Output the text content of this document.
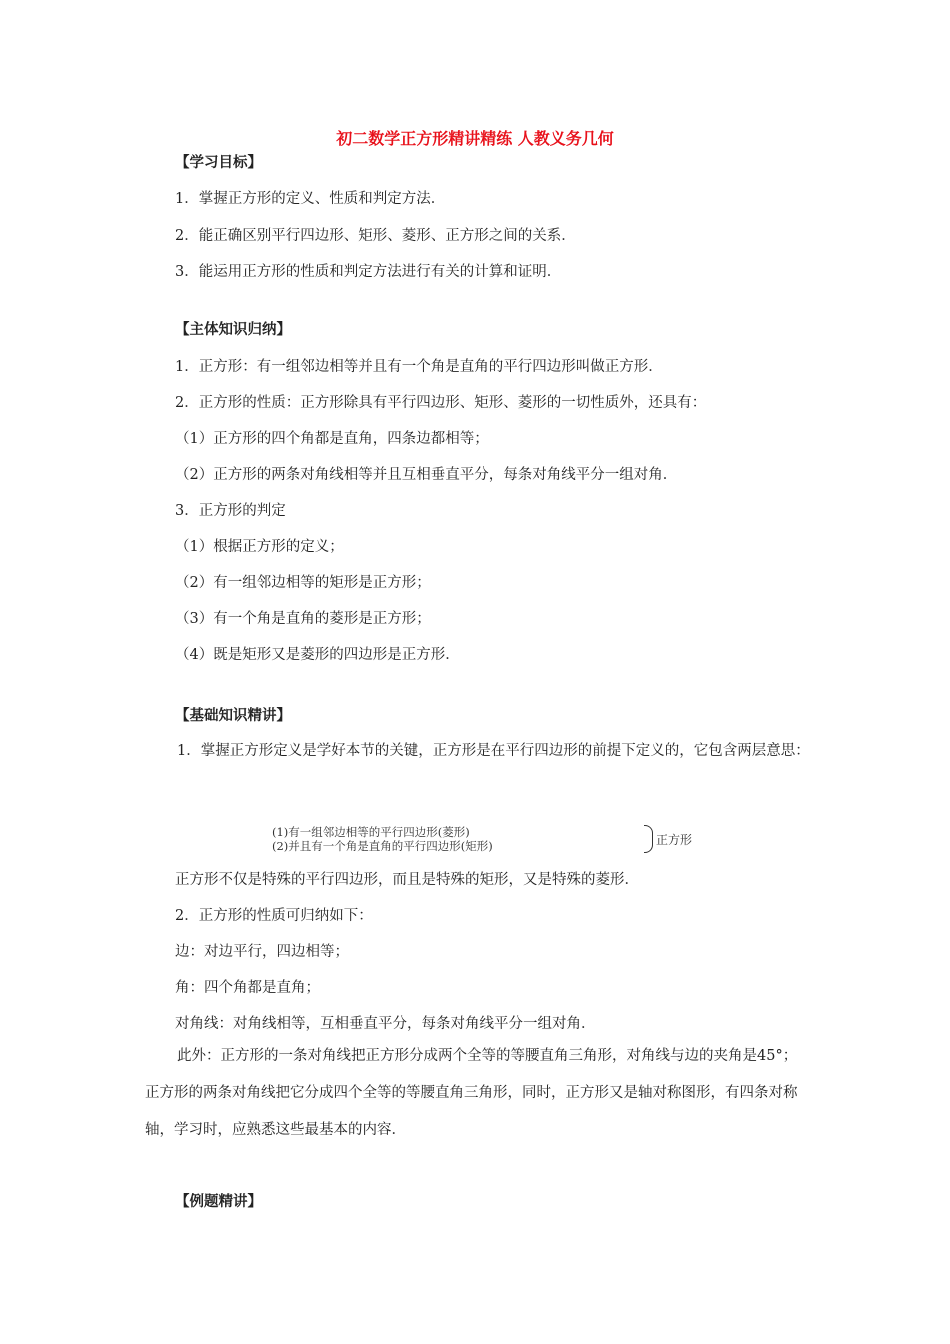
初二数学正方形精讲精练 人教义务几何
【学习目标】
1．掌握正方形的定义、性质和判定方法．
2．能正确区别平行四边形、矩形、菱形、正方形之间的关系．
3．能运用正方形的性质和判定方法进行有关的计算和证明．
【主体知识归纳】
1．正方形：有一组邻边相等并且有一个角是直角的平行四边形叫做正方形．
2．正方形的性质：正方形除具有平行四边形、矩形、菱形的一切性质外，还具有：
（1）正方形的四个角都是直角，四条边都相等；
（2）正方形的两条对角线相等并且互相垂直平分，每条对角线平分一组对角．
3．正方形的判定
（1）根据正方形的定义；
（2）有一组邻边相等的矩形是正方形；
（3）有一个角是直角的菱形是正方形；
（4）既是矩形又是菱形的四边形是正方形．
【基础知识精讲】
1．掌握正方形定义是学好本节的关键，正方形是在平行四边形的前提下定义的，它包含两层意思：
(1)有一组邻边相等的平行四边形(菱形)
(2)并且有一个角是直角的平行四边形(矩形)	正方形
正方形不仅是特殊的平行四边形，而且是特殊的矩形，又是特殊的菱形．
2．正方形的性质可归纳如下：
边：对边平行，四边相等；
角：四个角都是直角；
对角线：对角线相等，互相垂直平分，每条对角线平分一组对角．
此外：正方形的一条对角线把正方形分成两个全等的等腰直角三角形，对角线与边的夹角是45°；正方形的两条对角线把它分成四个全等的等腰直角三角形，同时，正方形又是轴对称图形，有四条对称轴，学习时，应熟悉这些最基本的内容．
【例题精讲】
